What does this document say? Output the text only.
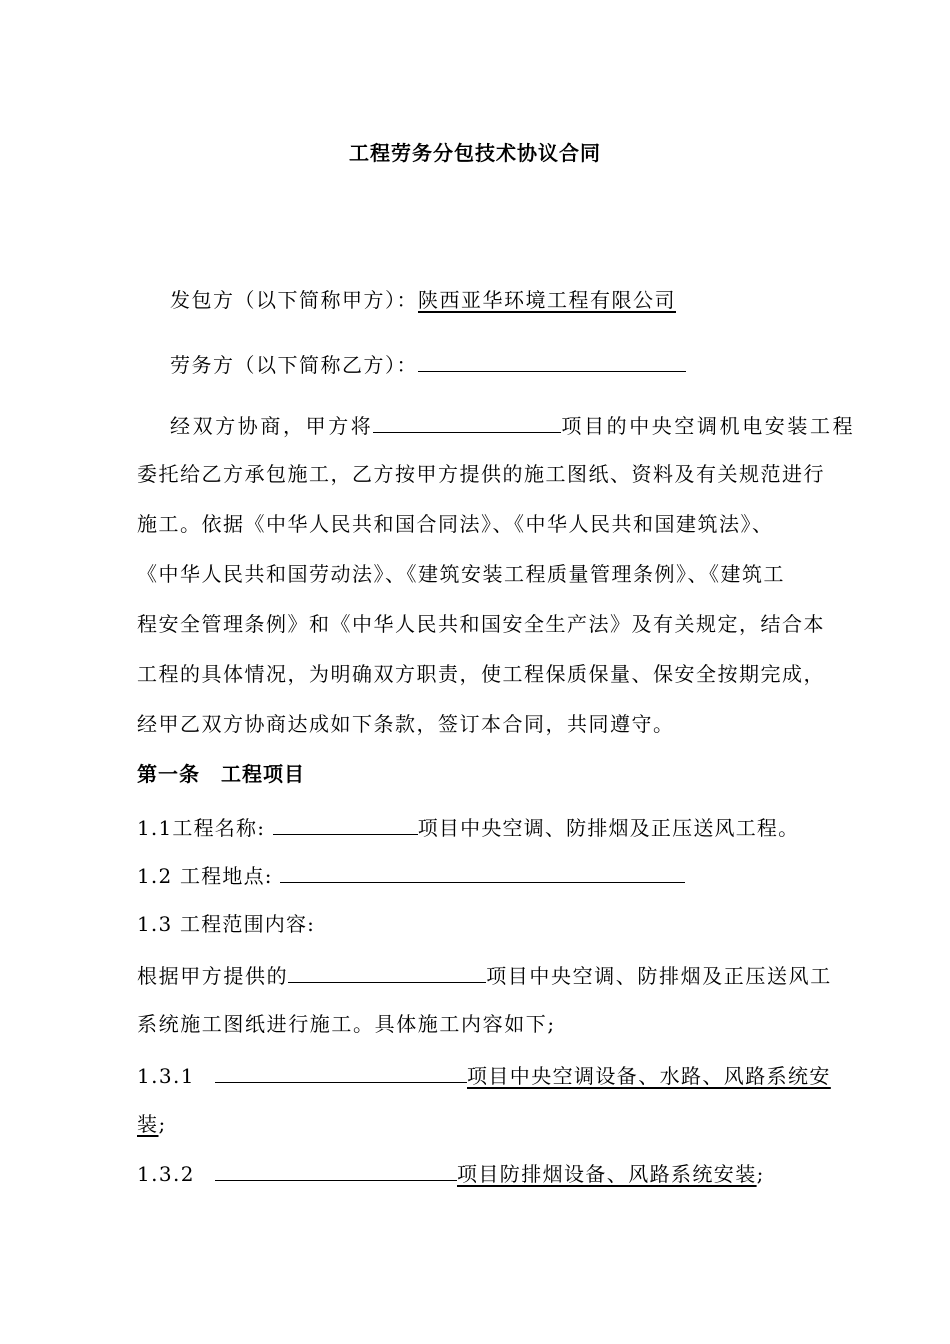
工程劳务分包技术协议合同
发包方（以下简称甲方）：陕西亚华环境工程有限公司
劳务方（以下简称乙方）：
经双方协商，甲方将	项目的中央空调机电安装工程
委托给乙方承包施工，乙方按甲方提供的施工图纸、资料及有关规范进行
施工。依据《中华人民共和国合同法》、《中华人民共和国建筑法》、
《中华人民共和国劳动法》、《建筑安装工程质量管理条例》、《建筑工
程安全管理条例》和《中华人民共和国安全生产法》及有关规定，结合本
工程的具体情况，为明确双方职责，使工程保质保量、保安全按期完成，
经甲乙双方协商达成如下条款，签订本合同，共同遵守。
第一条　工程项目
1.1工程名称:	项目中央空调、防排烟及正压送风工程。
1.2 工程地点:
1.3 工程范围内容:
根据甲方提供的	项目中央空调、防排烟及正压送风工
系统施工图纸进行施工。具体施工内容如下;
1.3.1	项目中央空调设备、水路、风路系统安
装;
1.3.2	项目防排烟设备、风路系统安装;
